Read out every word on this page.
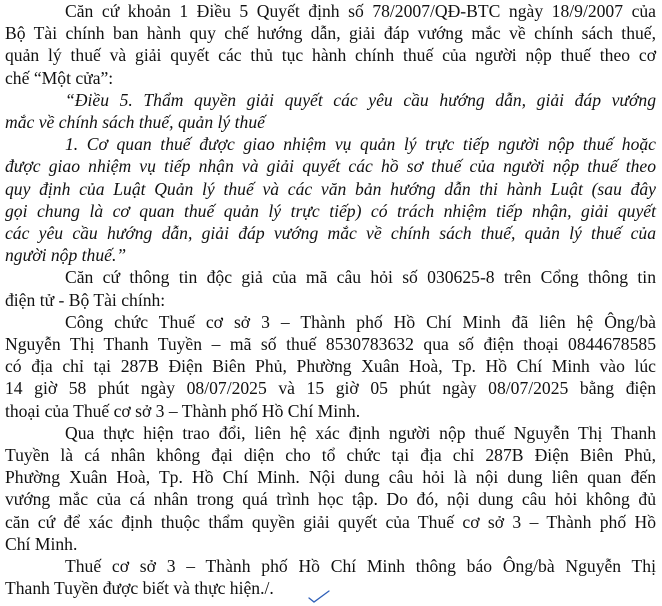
Căn cứ khoản 1 Điều 5 Quyết định số 78/2007/QĐ-BTC ngày 18/9/2007 của
Bộ Tài chính ban hành quy chế hướng dẫn, giải đáp vướng mắc về chính sách thuế,
quản lý thuế và giải quyết các thủ tục hành chính thuế của người nộp thuế theo cơ
chế “Một cửa”:
“Điều 5. Thẩm quyền giải quyết các yêu cầu hướng dẫn, giải đáp vướng
mắc về chính sách thuế, quản lý thuế
1. Cơ quan thuế được giao nhiệm vụ quản lý trực tiếp người nộp thuế hoặc
được giao nhiệm vụ tiếp nhận và giải quyết các hồ sơ thuế của người nộp thuế theo
quy định của Luật Quản lý thuế và các văn bản hướng dẫn thi hành Luật (sau đây
gọi chung là cơ quan thuế quản lý trực tiếp) có trách nhiệm tiếp nhận, giải quyết
các yêu cầu hướng dẫn, giải đáp vướng mắc về chính sách thuế, quản lý thuế của
người nộp thuế.”
Căn cứ thông tin độc giả của mã câu hỏi số 030625-8 trên Cổng thông tin
điện tử - Bộ Tài chính:
Công chức Thuế cơ sở 3 – Thành phố Hồ Chí Minh đã liên hệ Ông/bà
Nguyễn Thị Thanh Tuyền – mã số thuế 8530783632 qua số điện thoại 0844678585
có địa chỉ tại 287B Điện Biên Phủ, Phường Xuân Hoà, Tp. Hồ Chí Minh vào lúc
14 giờ 58 phút ngày 08/07/2025 và 15 giờ 05 phút ngày 08/07/2025 bằng điện
thoại của Thuế cơ sở 3 – Thành phố Hồ Chí Minh.
Qua thực hiện trao đổi, liên hệ xác định người nộp thuế Nguyễn Thị Thanh
Tuyền là cá nhân không đại diện cho tổ chức tại địa chỉ 287B Điện Biên Phủ,
Phường Xuân Hoà, Tp. Hồ Chí Minh. Nội dung câu hỏi là nội dung liên quan đến
vướng mắc của cá nhân trong quá trình học tập. Do đó, nội dung câu hỏi không đủ
căn cứ để xác định thuộc thẩm quyền giải quyết của Thuế cơ sở 3 – Thành phố Hồ
Chí Minh.
Thuế cơ sở 3 – Thành phố Hồ Chí Minh thông báo Ông/bà Nguyễn Thị
Thanh Tuyền được biết và thực hiện./.
